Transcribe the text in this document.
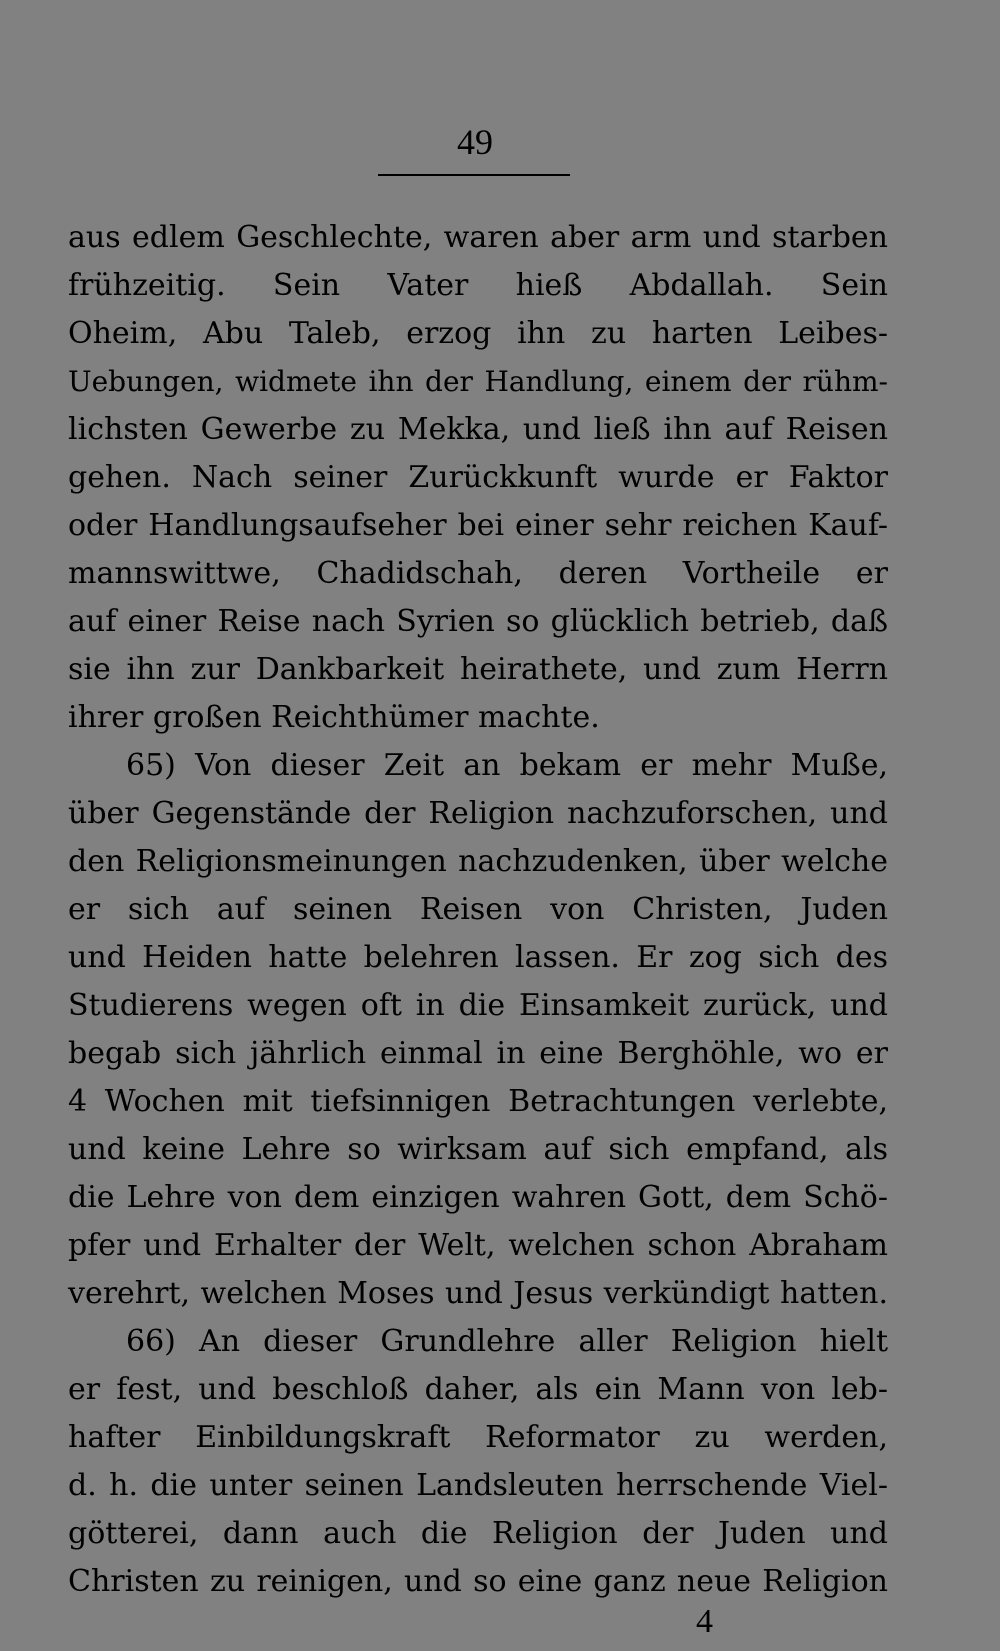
49
aus edlem Geschlechte, waren aber arm und starben
frühzeitig. Sein Vater hieß Abdallah. Sein
Oheim, Abu Taleb, erzog ihn zu harten Leibes-
Uebungen, widmete ihn der Handlung, einem der rühm-
lichsten Gewerbe zu Mekka, und ließ ihn auf Reisen
gehen. Nach seiner Zurückkunft wurde er Faktor
oder Handlungsaufseher bei einer sehr reichen Kauf-
mannswittwe, Chadidschah, deren Vortheile er
auf einer Reise nach Syrien so glücklich betrieb, daß
sie ihn zur Dankbarkeit heirathete, und zum Herrn
ihrer großen Reichthümer machte.
65) Von dieser Zeit an bekam er mehr Muße,
über Gegenstände der Religion nachzuforschen, und
den Religionsmeinungen nachzudenken, über welche
er sich auf seinen Reisen von Christen, Juden
und Heiden hatte belehren lassen. Er zog sich des
Studierens wegen oft in die Einsamkeit zurück, und
begab sich jährlich einmal in eine Berghöhle, wo er
4 Wochen mit tiefsinnigen Betrachtungen verlebte,
und keine Lehre so wirksam auf sich empfand, als
die Lehre von dem einzigen wahren Gott, dem Schö-
pfer und Erhalter der Welt, welchen schon Abraham
verehrt, welchen Moses und Jesus verkündigt hatten.
66) An dieser Grundlehre aller Religion hielt
er fest, und beschloß daher, als ein Mann von leb-
hafter Einbildungskraft Reformator zu werden,
d. h. die unter seinen Landsleuten herrschende Viel-
götterei, dann auch die Religion der Juden und
Christen zu reinigen, und so eine ganz neue Religion
4
